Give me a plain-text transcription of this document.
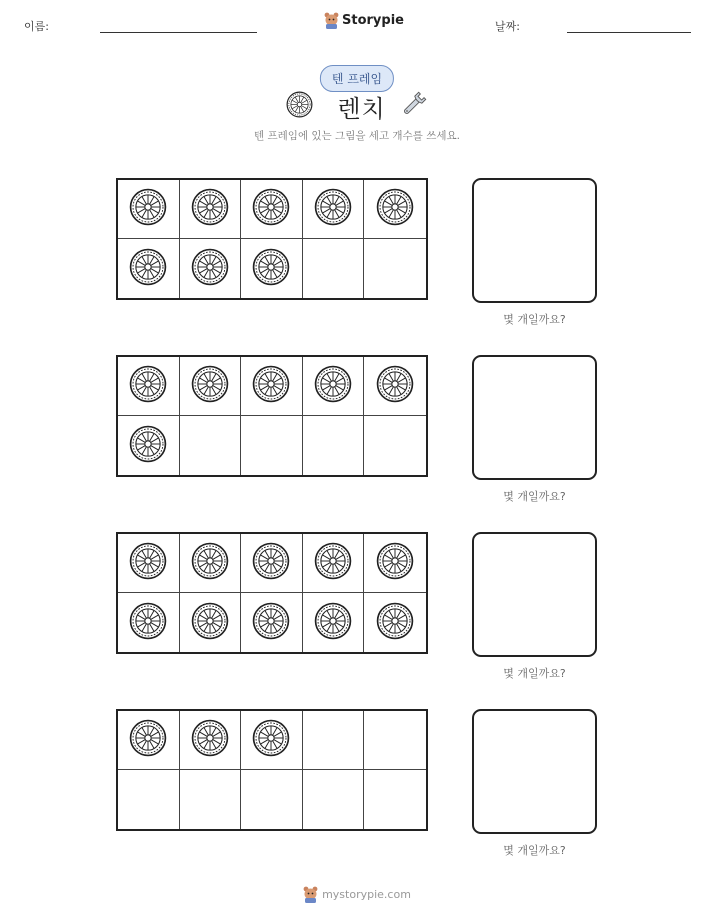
이름:	Storypie	날짜:
텐 프레임
렌치
텐 프레임에 있는 그림을 세고 개수를 쓰세요.
몇 개일까요?
몇 개일까요?
몇 개일까요?
몇 개일까요?
mystorypie.com
